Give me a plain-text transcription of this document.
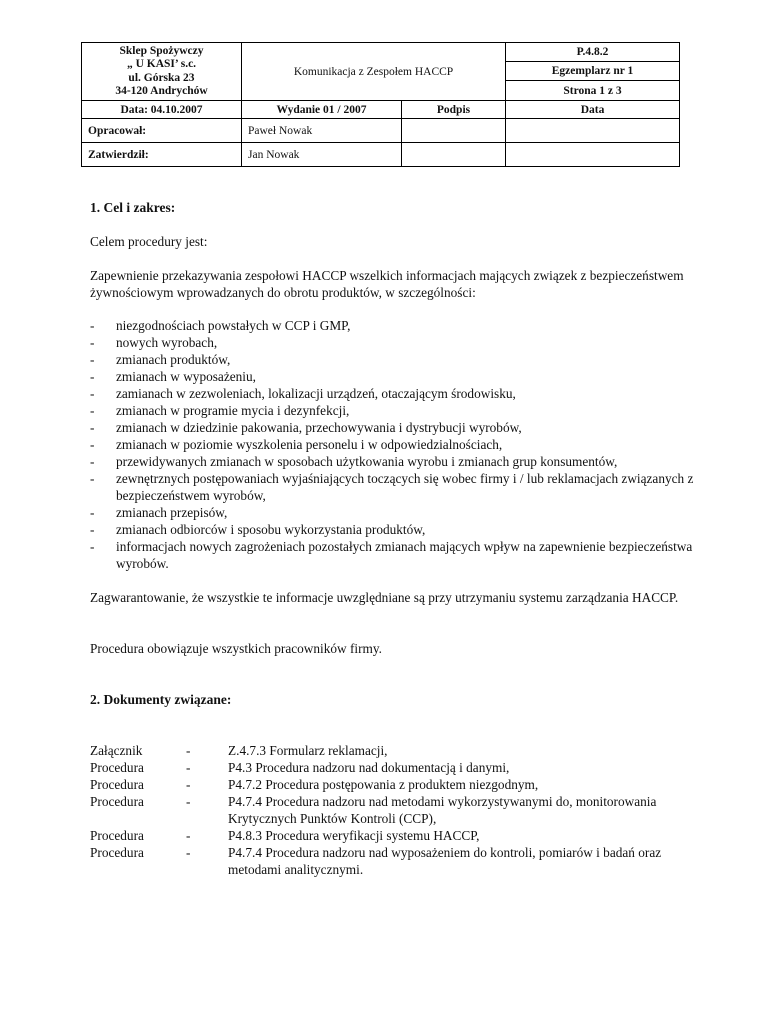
Sklep Spożywczy
„ U KASI’ s.c.
ul. Górska 23
34-120 Andrychów	Komunikacja z Zespołem HACCP		P.4.8.2
			Egzemplarz nr 1
			Strona 1 z 3
Data: 04.10.2007	Wydanie 01 / 2007	Podpis	Data
Opracował:	Paweł Nowak		
Zatwierdził:	Jan Nowak		

1. Cel i zakres:

Celem procedury jest:

Zapewnienie przekazywania zespołowi HACCP wszelkich informacjach mających związek z bezpieczeństwem żywnościowym wprowadzanych do obrotu produktów, w szczególności:

- niezgodnościach powstałych w CCP i GMP,
- nowych wyrobach,
- zmianach produktów,
- zmianach w wyposażeniu,
- zamianach w zezwoleniach, lokalizacji urządzeń, otaczającym środowisku,
- zmianach w programie mycia i dezynfekcji,
- zmianach w dziedzinie pakowania, przechowywania i dystrybucji wyrobów,
- zmianach w poziomie wyszkolenia personelu i w odpowiedzialnościach,
- przewidywanych zmianach w sposobach użytkowania wyrobu i zmianach grup konsumentów,
- zewnętrznych postępowaniach wyjaśniających toczących się wobec firmy i / lub reklamacjach związanych z bezpieczeństwem wyrobów,
- zmianach przepisów,
- zmianach odbiorców i sposobu wykorzystania produktów,
- informacjach nowych zagrożeniach pozostałych zmianach mających wpływ na zapewnienie bezpieczeństwa wyrobów.

Zagwarantowanie, że wszystkie te informacje uwzględniane są przy utrzymaniu systemu zarządzania HACCP.

Procedura obowiązuje wszystkich pracowników firmy.

2. Dokumenty związane:

Załącznik	-	Z.4.7.3 Formularz reklamacji,
Procedura	-	P4.3 Procedura nadzoru nad dokumentacją i danymi,
Procedura	-	P4.7.2 Procedura postępowania z produktem niezgodnym,
Procedura	-	P4.7.4 Procedura nadzoru nad metodami wykorzystywanymi do, monitorowania Krytycznych Punktów Kontroli (CCP),
Procedura	-	P4.8.3 Procedura weryfikacji systemu HACCP,
Procedura	-	P4.7.4 Procedura nadzoru nad wyposażeniem do kontroli, pomiarów i badań oraz metodami analitycznymi.
